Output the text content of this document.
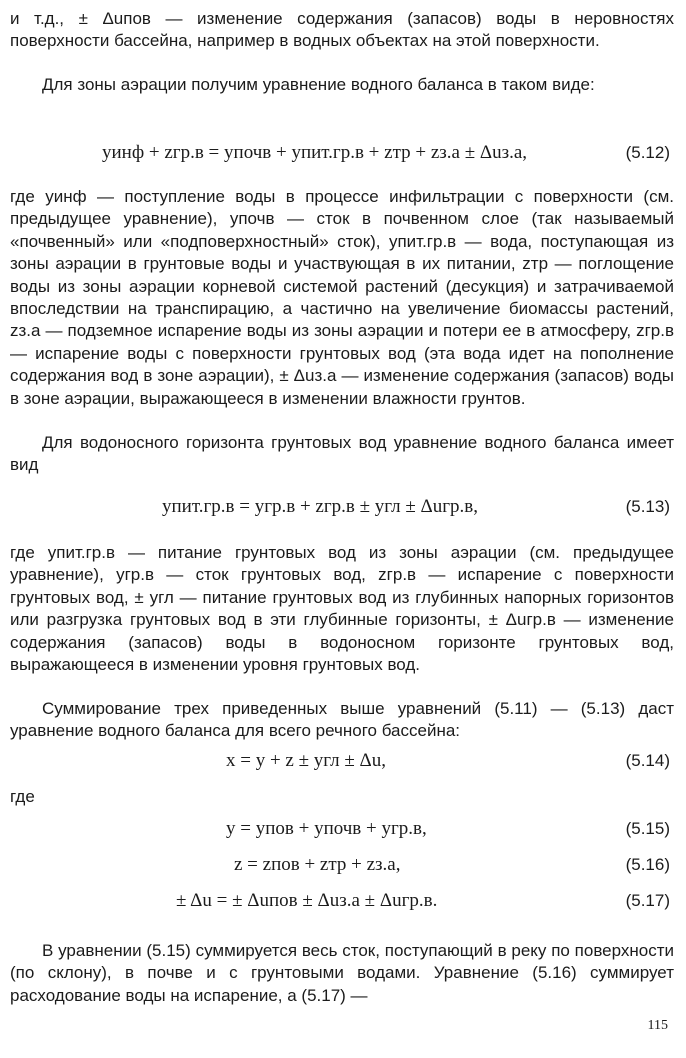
и т.д., ± Δuпов — изменение содержания (запасов) воды в неровностях поверхности бассейна, например в водных объектах на этой поверхности.

Для зоны аэрации получим уравнение водного баланса в таком виде:

yинф + zгр.в = yпочв + yпит.гр.в + zтр + zз.а ± Δuз.а,	(5.12)

где yинф — поступление воды в процессе инфильтрации с поверхности (см. предыдущее уравнение), yпочв — сток в почвенном слое (так называемый «почвенный» или «подповерхностный» сток), yпит.гр.в — вода, поступающая из зоны аэрации в грунтовые воды и участвующая в их питании, zтр — поглощение воды из зоны аэрации корневой системой растений (десукция) и затрачиваемой впоследствии на транспирацию, а частично на увеличение биомассы растений, zз.а — подземное испарение воды из зоны аэрации и потери ее в атмосферу, zгр.в — испарение воды с поверхности грунтовых вод (эта вода идет на пополнение содержания вод в зоне аэрации), ± Δuз.а — изменение содержания (запасов) воды в зоне аэрации, выражающееся в изменении влажности грунтов.

Для водоносного горизонта грунтовых вод уравнение водного баланса имеет вид

yпит.гр.в = yгр.в + zгр.в ± yгл ± Δuгр.в,	(5.13)

где yпит.гр.в — питание грунтовых вод из зоны аэрации (см. предыдущее уравнение), yгр.в — сток грунтовых вод, zгр.в — испарение с поверхности грунтовых вод, ± yгл — питание грунтовых вод из глубинных напорных горизонтов или разгрузка грунтовых вод в эти глубинные горизонты, ± Δuгр.в — изменение содержания (запасов) воды в водоносном горизонте грунтовых вод, выражающееся в изменении уровня грунтовых вод.

Суммирование трех приведенных выше уравнений (5.11) — (5.13) даст уравнение водного баланса для всего речного бассейна:

x = y + z ± yгл ± Δu,	(5.14)

где

y = yпов + yпочв + yгр.в,	(5.15)
z = zпов + zтр + zз.а,	(5.16)
± Δu = ± Δuпов ± Δuз.а ± Δuгр.в.	(5.17)

В уравнении (5.15) суммируется весь сток, поступающий в реку по поверхности (по склону), в почве и с грунтовыми водами. Уравнение (5.16) суммирует расходование воды на испарение, а (5.17) —

115
